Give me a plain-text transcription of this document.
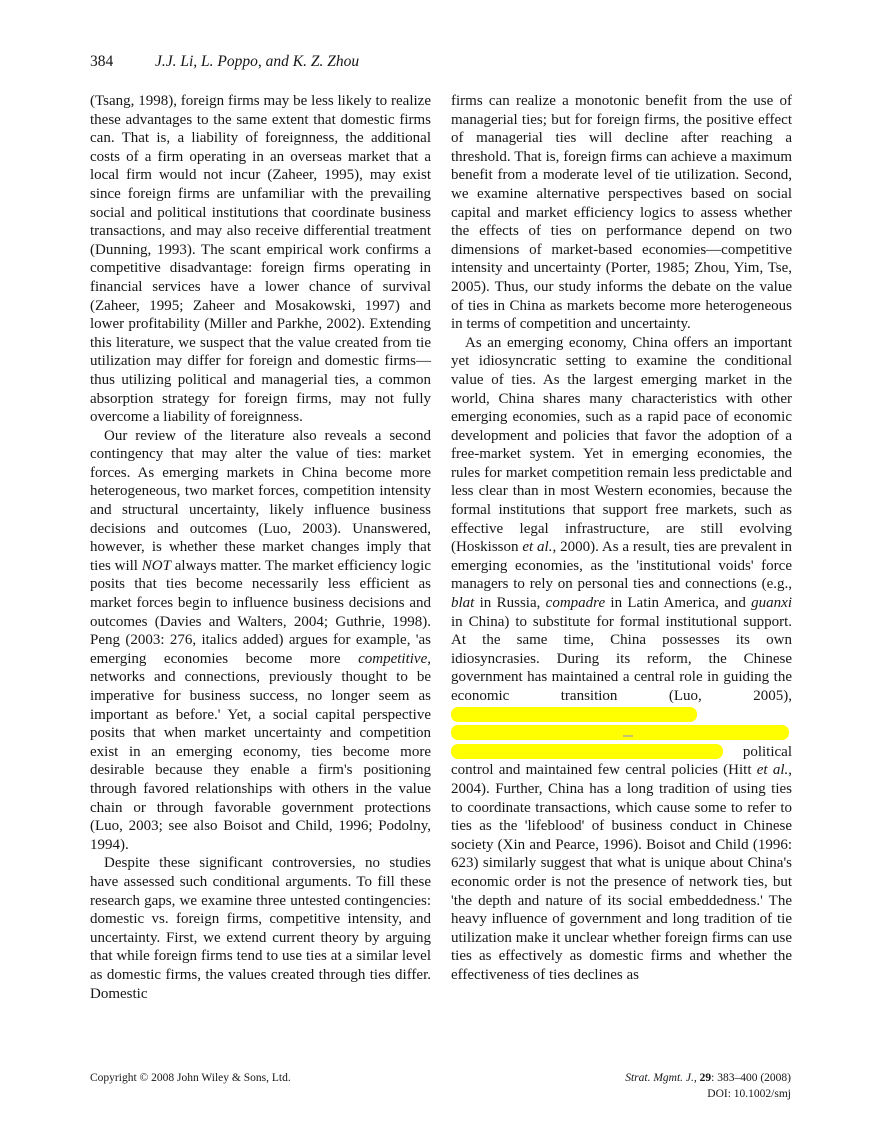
384	J.J. Li, L. Poppo, and K. Z. Zhou

(Tsang, 1998), foreign firms may be less likely to realize these advantages to the same extent that domestic firms can. That is, a liability of foreignness, the additional costs of a firm operating in an overseas market that a local firm would not incur (Zaheer, 1995), may exist since foreign firms are unfamiliar with the prevailing social and political institutions that coordinate business transactions, and may also receive differential treatment (Dunning, 1993). The scant empirical work confirms a competitive disadvantage: foreign firms operating in financial services have a lower chance of survival (Zaheer, 1995; Zaheer and Mosakowski, 1997) and lower profitability (Miller and Parkhe, 2002). Extending this literature, we suspect that the value created from tie utilization may differ for foreign and domestic firms—thus utilizing political and managerial ties, a common absorption strategy for foreign firms, may not fully overcome a liability of foreignness.

Our review of the literature also reveals a second contingency that may alter the value of ties: market forces. As emerging markets in China become more heterogeneous, two market forces, competition intensity and structural uncertainty, likely influence business decisions and outcomes (Luo, 2003). Unanswered, however, is whether these market changes imply that ties will NOT always matter. The market efficiency logic posits that ties become necessarily less efficient as market forces begin to influence business decisions and outcomes (Davies and Walters, 2004; Guthrie, 1998). Peng (2003: 276, italics added) argues for example, 'as emerging economies become more competitive, networks and connections, previously thought to be imperative for business success, no longer seem as important as before.' Yet, a social capital perspective posits that when market uncertainty and competition exist in an emerging economy, ties become more desirable because they enable a firm's positioning through favored relationships with others in the value chain or through favorable government protections (Luo, 2003; see also Boisot and Child, 1996; Podolny, 1994).

Despite these significant controversies, no studies have assessed such conditional arguments. To fill these research gaps, we examine three untested contingencies: domestic vs. foreign firms, competitive intensity, and uncertainty. First, we extend current theory by arguing that while foreign firms tend to use ties at a similar level as domestic firms, the values created through ties differ. Domestic

firms can realize a monotonic benefit from the use of managerial ties; but for foreign firms, the positive effect of managerial ties will decline after reaching a threshold. That is, foreign firms can achieve a maximum benefit from a moderate level of tie utilization. Second, we examine alternative perspectives based on social capital and market efficiency logics to assess whether the effects of ties on performance depend on two dimensions of market-based economies—competitive intensity and uncertainty (Porter, 1985; Zhou, Yim, Tse, 2005). Thus, our study informs the debate on the value of ties in China as markets become more heterogeneous in terms of competition and uncertainty.

As an emerging economy, China offers an important yet idiosyncratic setting to examine the conditional value of ties. As the largest emerging market in the world, China shares many characteristics with other emerging economies, such as a rapid pace of economic development and policies that favor the adoption of a free-market system. Yet in emerging economies, the rules for market competition remain less predictable and less clear than in most Western economies, because the formal institutions that support free markets, such as effective legal infrastructure, are still evolving (Hoskisson et al., 2000). As a result, ties are prevalent in emerging economies, as the 'institutional voids' force managers to rely on personal ties and connections (e.g., blat in Russia, compadre in Latin America, and guanxi in China) to substitute for formal institutional support. At the same time, China possesses its own idiosyncrasies. During its reform, the Chinese government has maintained a central role in guiding the economic transition (Luo, 2005),
political control and maintained few central policies (Hitt et al., 2004). Further, China has a long tradition of using ties to coordinate transactions, which cause some to refer to ties as the 'lifeblood' of business conduct in Chinese society (Xin and Pearce, 1996). Boisot and Child (1996: 623) similarly suggest that what is unique about China's economic order is not the presence of network ties, but 'the depth and nature of its social embeddedness.' The heavy influence of government and long tradition of tie utilization make it unclear whether foreign firms can use ties as effectively as domestic firms and whether the effectiveness of ties declines as

Copyright © 2008 John Wiley & Sons, Ltd.	Strat. Mgmt. J., 29: 383–400 (2008)
DOI: 10.1002/smj
